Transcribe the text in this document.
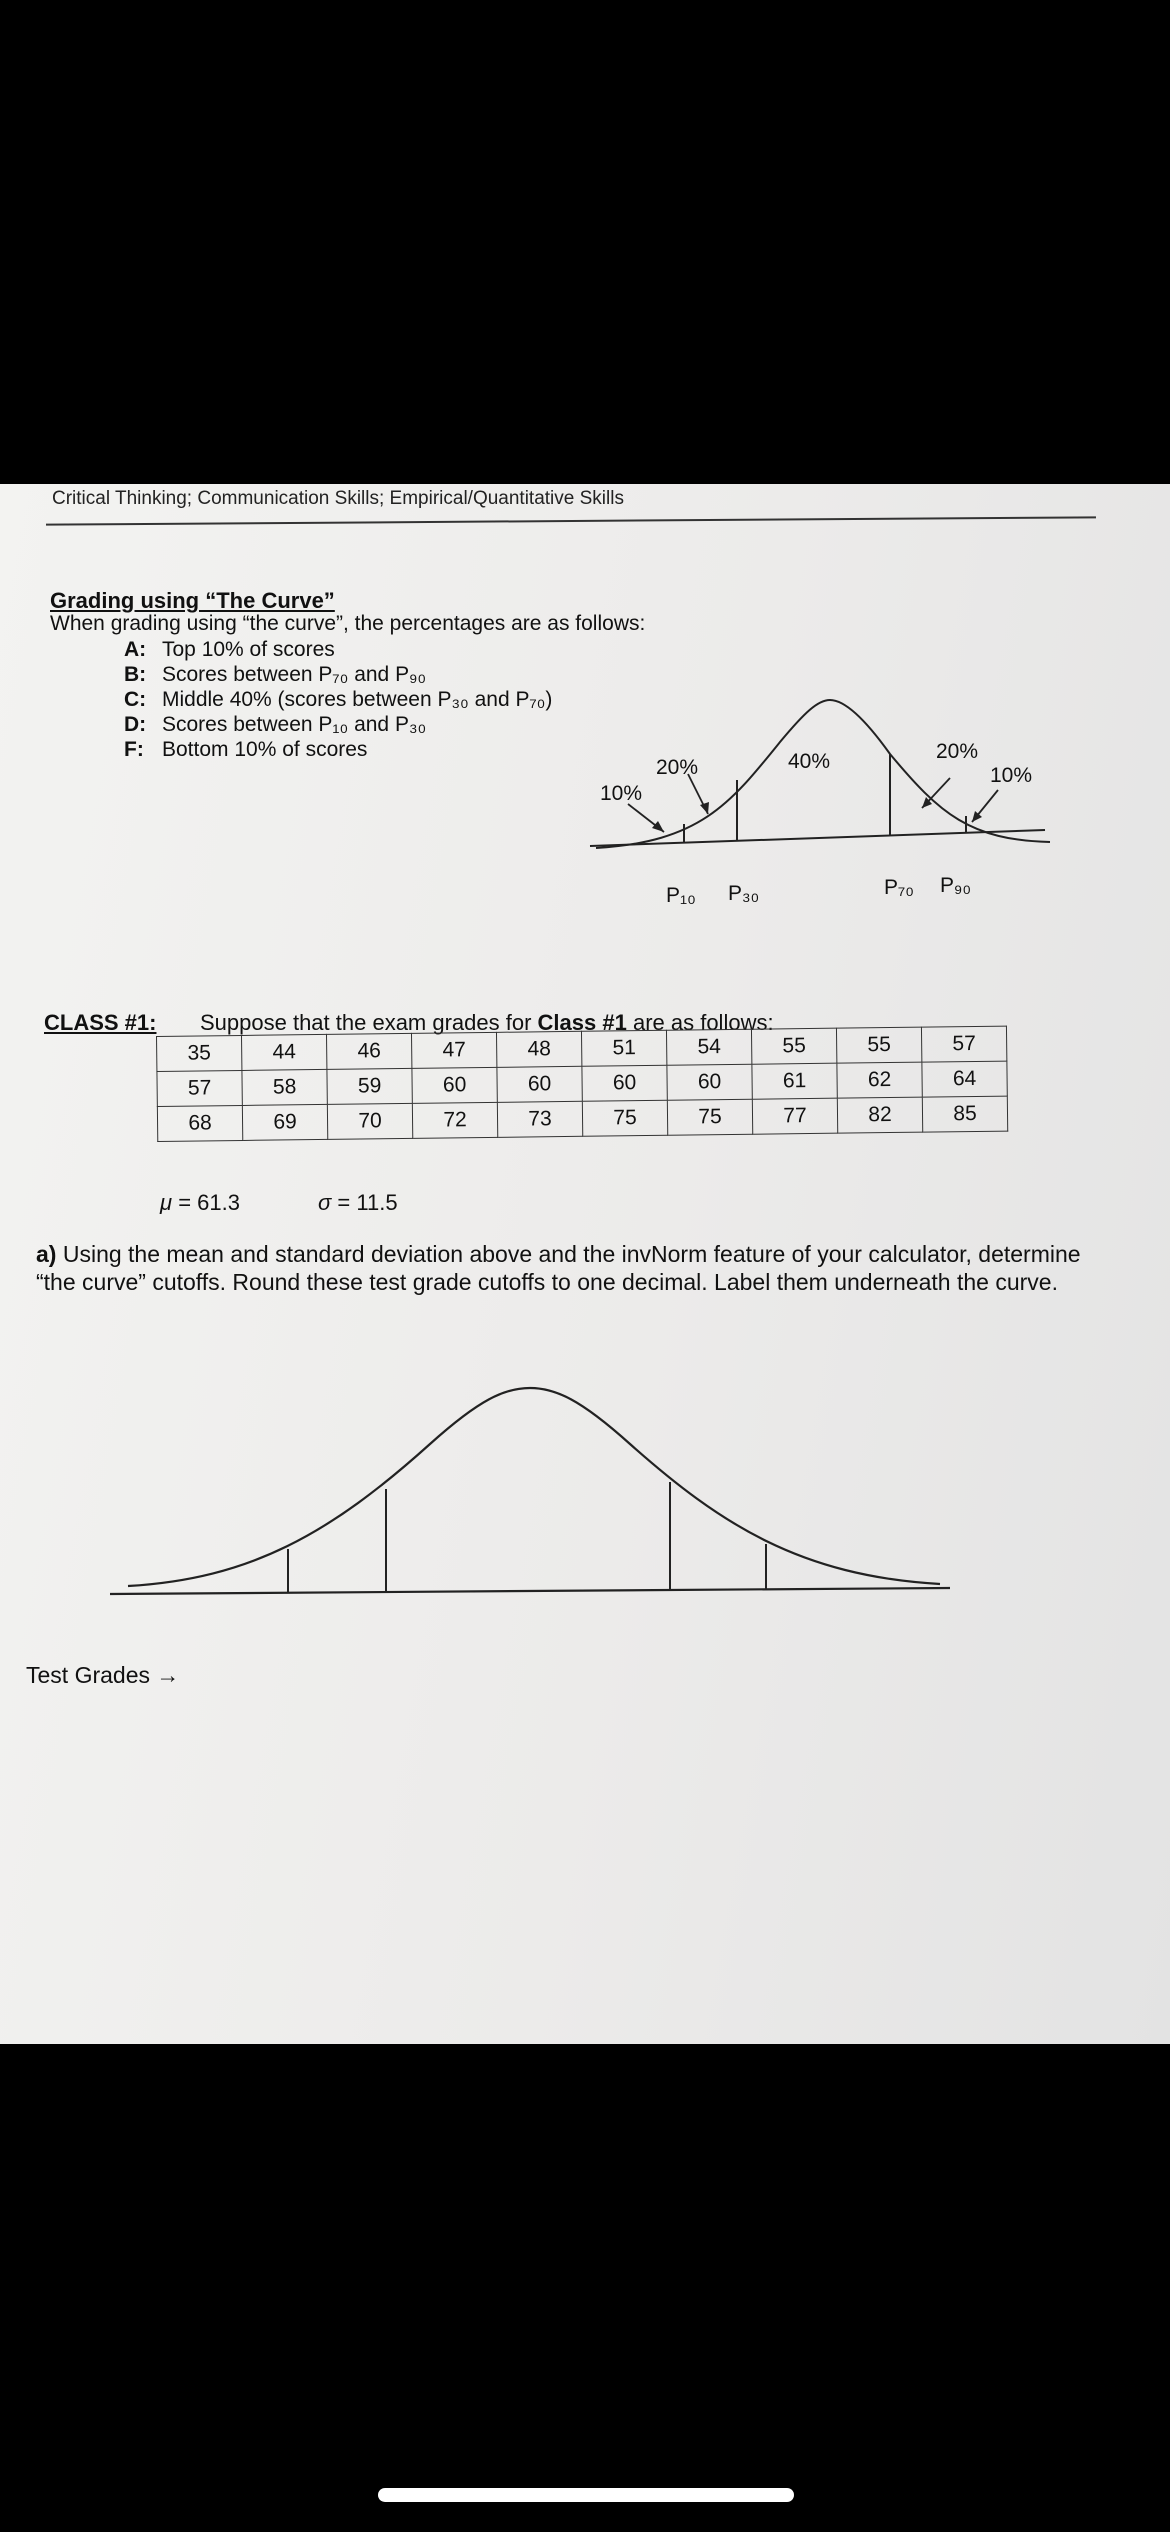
Critical Thinking; Communication Skills; Empirical/Quantitative Skills
Grading using “The Curve”
When grading using “the curve”, the percentages are as follows:
A: Top 10% of scores
B: Scores between P₇₀ and P₉₀
C: Middle 40% (scores between P₃₀ and P₇₀)
D: Scores between P₁₀ and P₃₀
F: Bottom 10% of scores
10%
20%	40%	20%
10%
P₁₀ P₃₀	P₇₀ P₉₀
CLASS #1: Suppose that the exam grades for Class #1 are as follows:
35	44	46	47	48	51	54	55	55	57
57	58	59	60	60	60	60	61	62	64
68	69	70	72	73	75	75	77	82	85
μ = 61.3	σ = 11.5
a) Using the mean and standard deviation above and the invNorm feature of your calculator, determine “the curve” cutoffs. Round these test grade cutoffs to one decimal. Label them underneath the curve.
Test Grades →
